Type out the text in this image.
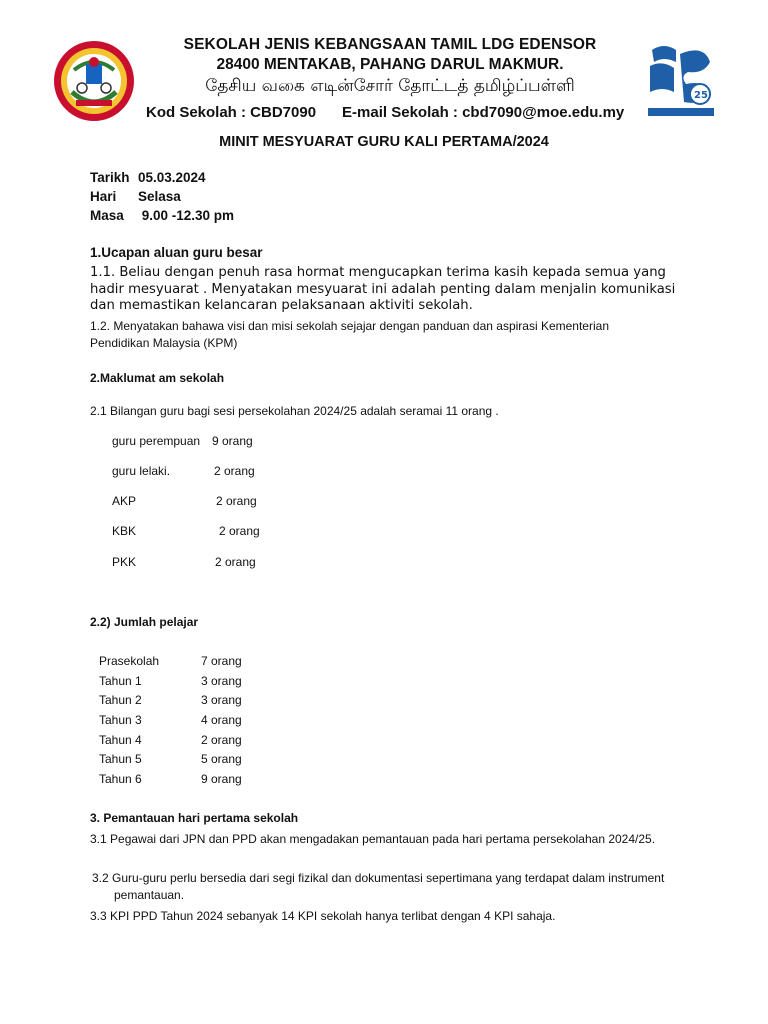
SEKOLAH JENIS KEBANGSAAN TAMIL LDG EDENSOR
28400 MENTAKAB, PAHANG DARUL MAKMUR.
தேசிய வகை எடின்சோர் தோட்டத் தமிழ்ப்பள்ளி
Kod Sekolah : CBD7090 E-mail Sekolah : cbd7090@moe.edu.my
25
MINIT MESYUARAT GURU KALI PERTAMA/2024
Tarikh 05.03.2024
Hari Selasa
Masa 9.00 -12.30 pm
1.Ucapan aluan guru besar
1.1. Beliau dengan penuh rasa hormat mengucapkan terima kasih kepada semua yang hadir mesyuarat . Menyatakan mesyuarat ini adalah penting dalam menjalin komunikasi dan memastikan kelancaran pelaksanaan aktiviti sekolah.
1.2. Menyatakan bahawa visi dan misi sekolah sejajar dengan panduan dan aspirasi Kementerian Pendidikan Malaysia (KPM)
2.Maklumat am sekolah
2.1 Bilangan guru bagi sesi persekolahan 2024/25 adalah seramai 11 orang .
guru perempuan 9 orang
guru lelaki.	2 orang
AKP	2 orang
KBK	2 orang
PKK	2 orang
2.2) Jumlah pelajar
Prasekolah	7 orang
Tahun 1	3 orang
Tahun 2	3 orang
Tahun 3	4 orang
Tahun 4	2 orang
Tahun 5	5 orang
Tahun 6	9 orang
3. Pemantauan hari pertama sekolah
3.1 Pegawai dari JPN dan PPD akan mengadakan pemantauan pada hari pertama persekolahan 2024/25.
3.2 Guru-guru perlu bersedia dari segi fizikal dan dokumentasi sepertimana yang terdapat dalam instrument pemantauan.
3.3 KPI PPD Tahun 2024 sebanyak 14 KPI sekolah hanya terlibat dengan 4 KPI sahaja.
